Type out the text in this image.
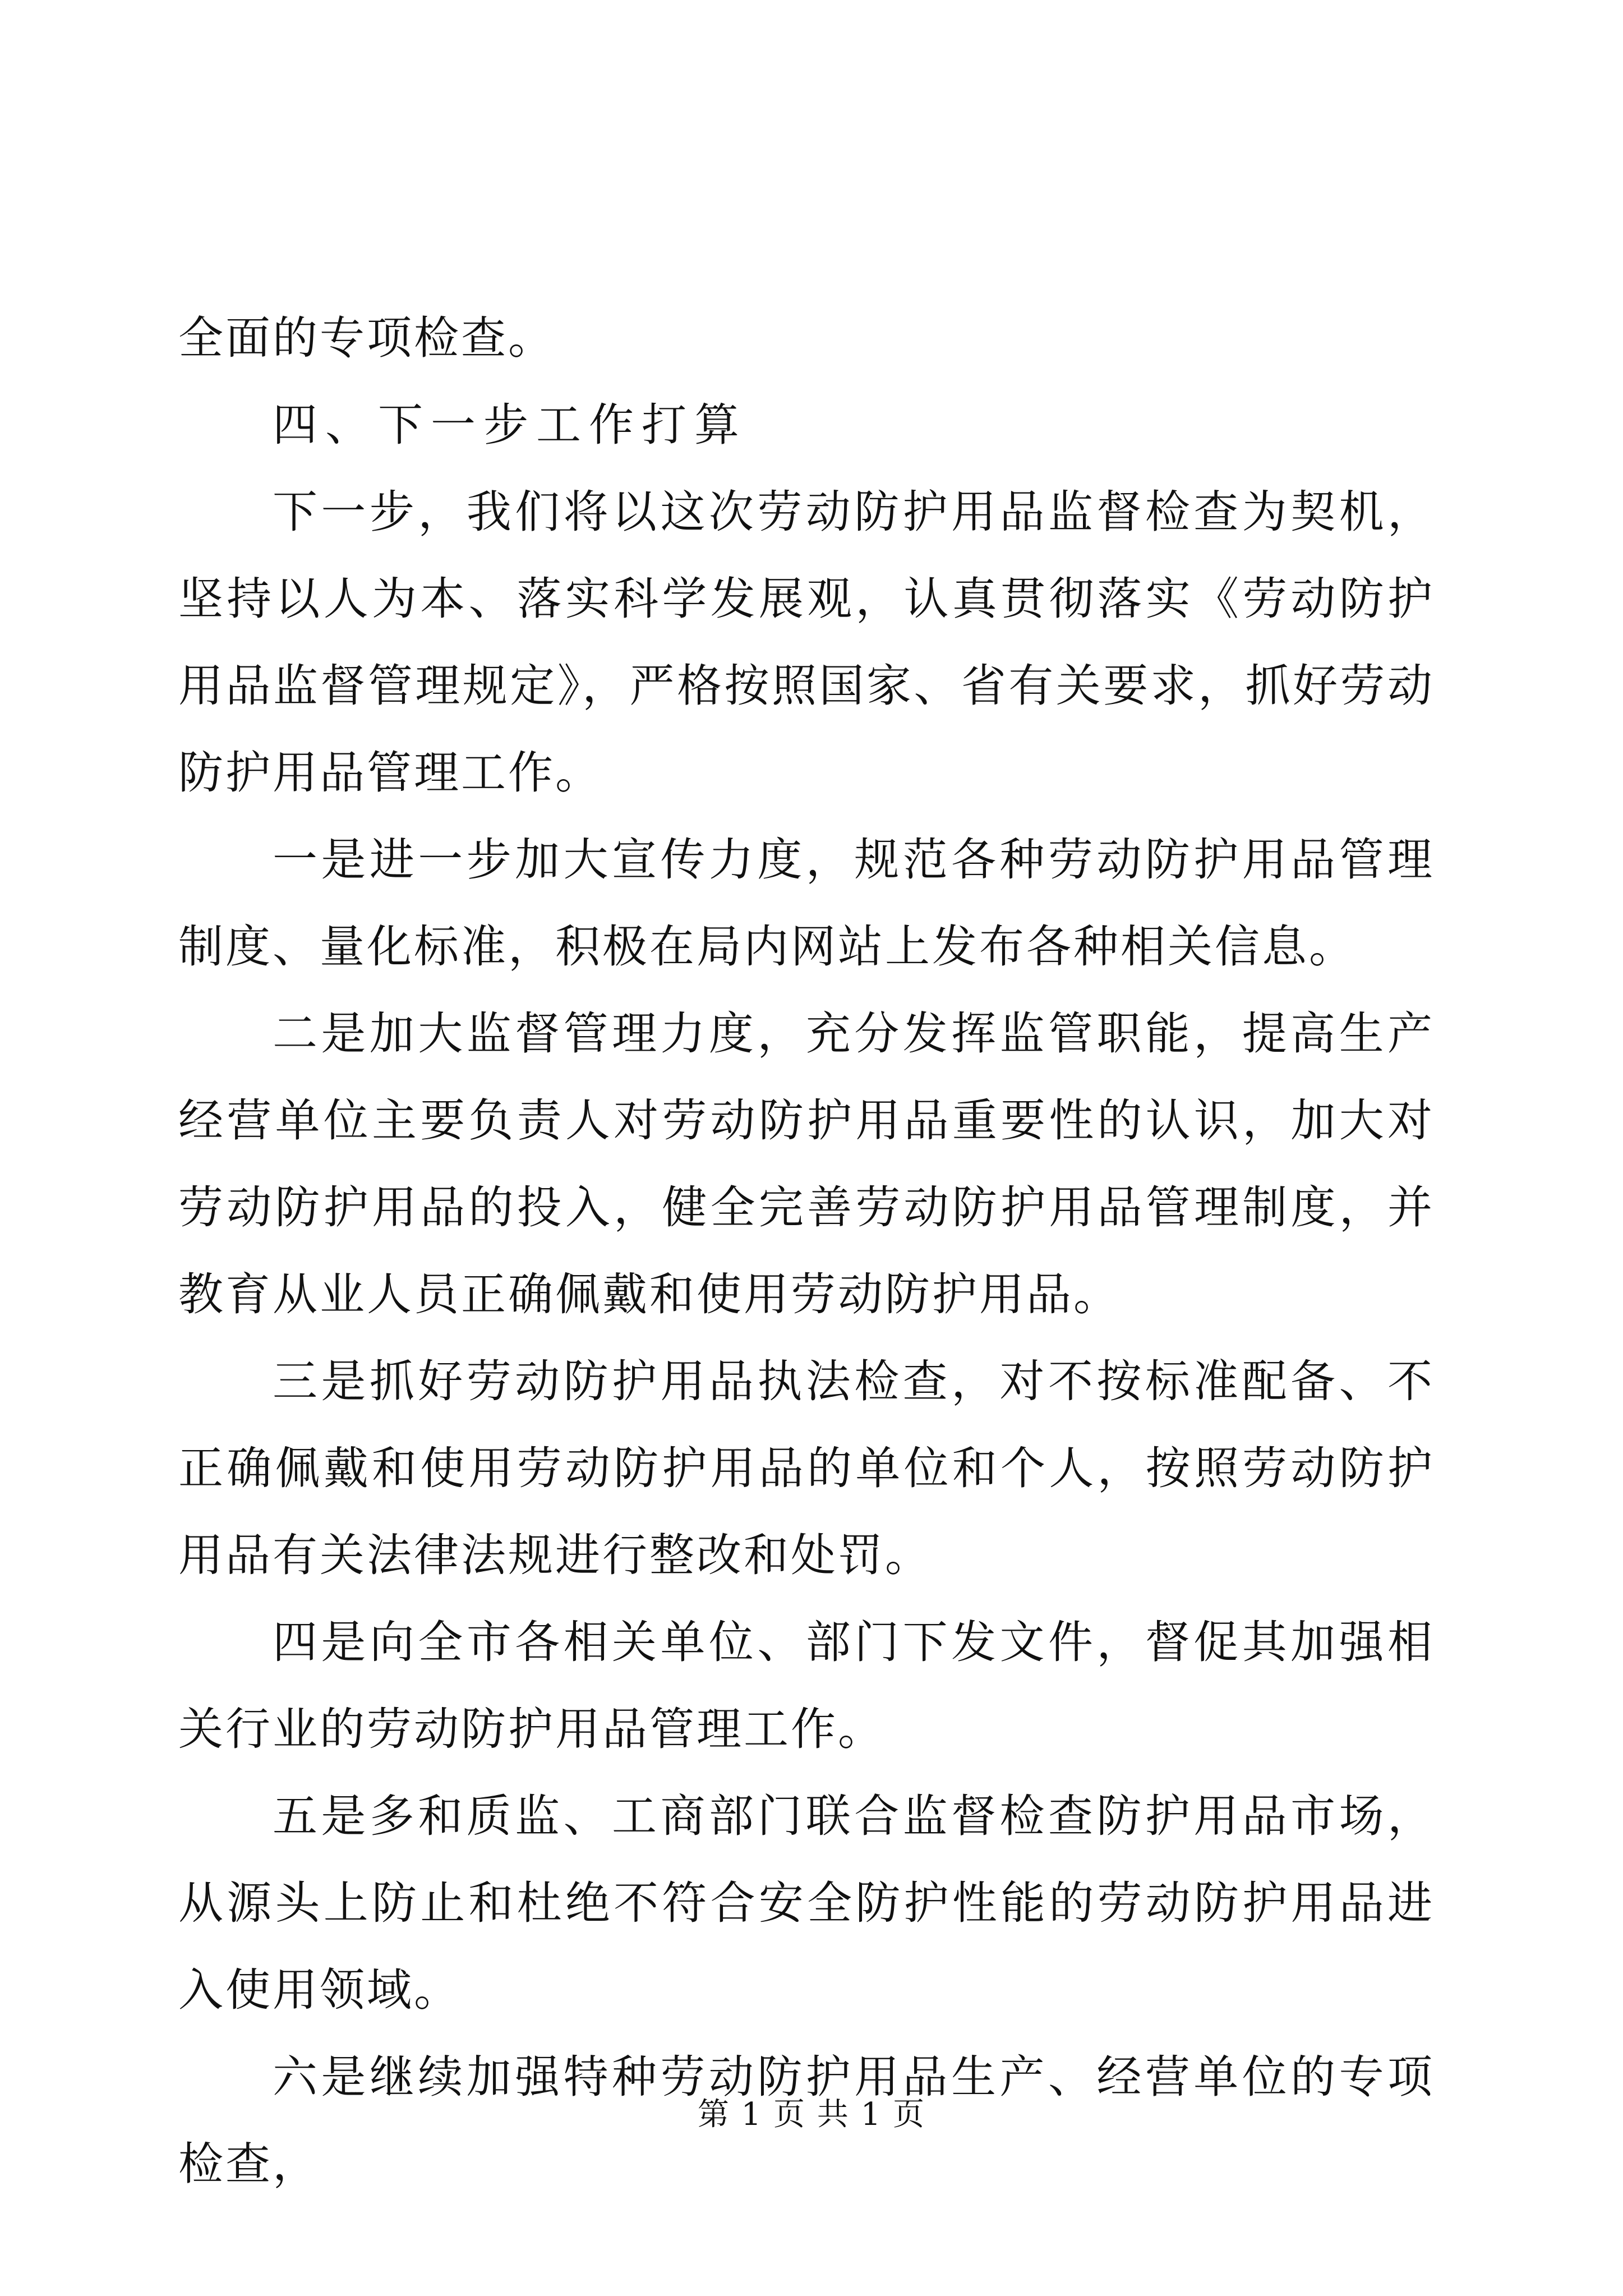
全面的专项检查。

四、下一步工作打算

下一步，我们将以这次劳动防护用品监督检查为契机，坚持以人为本、落实科学发展观，认真贯彻落实《劳动防护用品监督管理规定》，严格按照国家、省有关要求，抓好劳动防护用品管理工作。

一是进一步加大宣传力度，规范各种劳动防护用品管理制度、量化标准，积极在局内网站上发布各种相关信息。

二是加大监督管理力度，充分发挥监管职能，提高生产经营单位主要负责人对劳动防护用品重要性的认识，加大对劳动防护用品的投入，健全完善劳动防护用品管理制度，并教育从业人员正确佩戴和使用劳动防护用品。

三是抓好劳动防护用品执法检查，对不按标准配备、不正确佩戴和使用劳动防护用品的单位和个人，按照劳动防护用品有关法律法规进行整改和处罚。

四是向全市各相关单位、部门下发文件，督促其加强相关行业的劳动防护用品管理工作。

五是多和质监、工商部门联合监督检查防护用品市场，从源头上防止和杜绝不符合安全防护性能的劳动防护用品进入使用领域。

六是继续加强特种劳动防护用品生产、经营单位的专项检查，

第 1 页 共 1 页
